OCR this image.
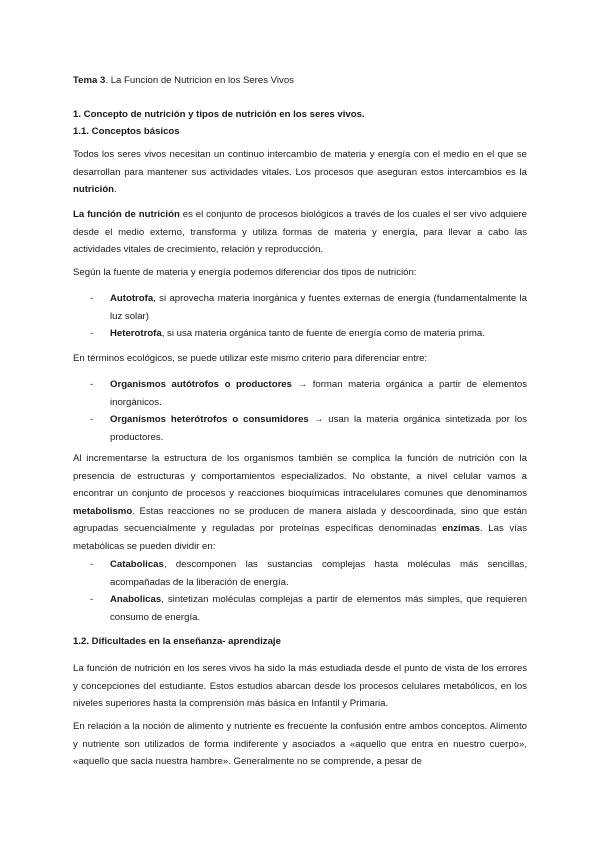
Tema 3. La Funcion de Nutricion en los Seres Vivos

1. Concepto de nutrición y tipos de nutrición en los seres vivos.

1.1. Conceptos básicos

Todos los seres vivos necesitan un continuo intercambio de materia y energía con el medio en el que se desarrollan para mantener sus actividades vitales. Los procesos que aseguran estos intercambios es la nutrición.

La función de nutrición es el conjunto de procesos biológicos a través de los cuales el ser vivo adquiere desde el medio externo, transforma y utiliza formas de materia y energía, para llevar a cabo las actividades vitales de crecimiento, relación y reproducción.

Según la fuente de materia y energía podemos diferenciar dos tipos de nutrición:

- Autotrofa, si aprovecha materia inorgánica y fuentes externas de energía (fundamentalmente la luz solar)
- Heterotrofa, si usa materia orgánica tanto de fuente de energía como de materia prima.

En términos ecológicos, se puede utilizar este mismo criterio para diferenciar entre:

- Organismos autótrofos o productores → forman materia orgánica a partir de elementos inorgánicos.
- Organismos heterótrofos o consumidores → usan la materia orgánica sintetizada por los productores.

Al incrementarse la estructura de los organismos también se complica la función de nutrición con la presencia de estructuras y comportamientos especializados. No obstante, a nivel celular vamos a encontrar un conjunto de procesos y reacciones bioquímicas intracelulares comunes que denominamos metabolismo. Estas reacciones no se producen de manera aislada y descoordinada, sino que están agrupadas secuencialmente y reguladas por proteínas específicas denominadas enzimas. Las vías metabólicas se pueden dividir en:

- Catabolicas, descomponen las sustancias complejas hasta moléculas más sencillas, acompañadas de la liberación de energía.
- Anabolicas, sintetizan moléculas complejas a partir de elementos más simples, que requieren consumo de energía.

1.2. Dificultades en la enseñanza- aprendizaje

La función de nutrición en los seres vivos ha sido la más estudiada desde el punto de vista de los errores y concepciones del estudiante. Estos estudios abarcan desde los procesos celulares metabólicos, en los niveles superiores hasta la comprensión más básica en Infantil y Primaria.

En relación a la noción de alimento y nutriente es frecuente la confusión entre ambos conceptos. Alimento y nutriente son utilizados de forma indiferente y asociados a «aquello que entra en nuestro cuerpo», «aquello que sacia nuestra hambre». Generalmente no se comprende, a pesar de
